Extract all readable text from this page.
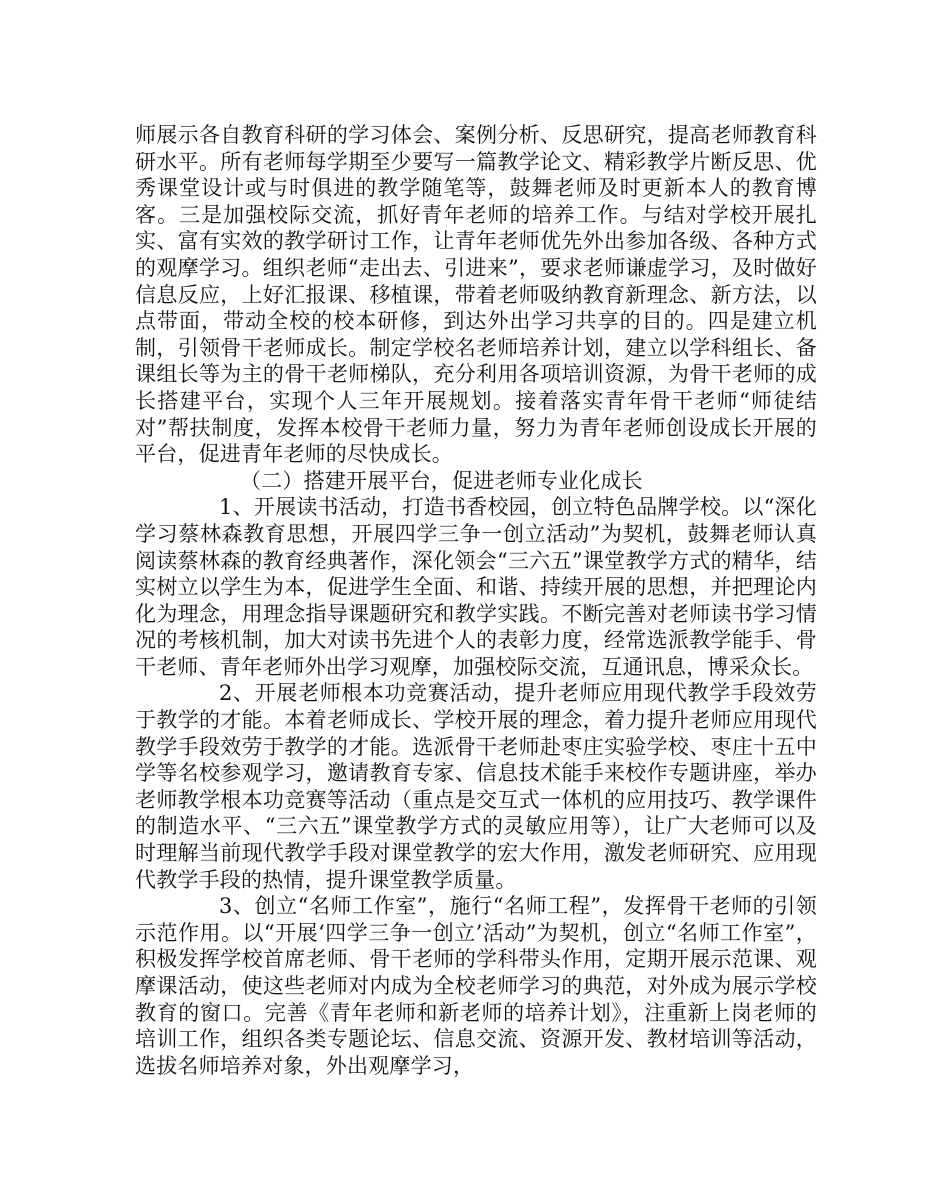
师展示各自教育科研的学习体会、案例分析、反思研究，提高老师教育科研水平。所有老师每学期至少要写一篇教学论文、精彩教学片断反思、优秀课堂设计或与时俱进的教学随笔等，鼓舞老师及时更新本人的教育博客。三是加强校际交流，抓好青年老师的培养工作。与结对学校开展扎实、富有实效的教学研讨工作，让青年老师优先外出参加各级、各种方式的观摩学习。组织老师“走出去、引进来”，要求老师谦虚学习，及时做好信息反应，上好汇报课、移植课，带着老师吸纳教育新理念、新方法，以点带面，带动全校的校本研修，到达外出学习共享的目的。四是建立机制，引领骨干老师成长。制定学校名老师培养计划，建立以学科组长、备课组长等为主的骨干老师梯队，充分利用各项培训资源，为骨干老师的成长搭建平台，实现个人三年开展规划。接着落实青年骨干老师“师徒结对”帮扶制度，发挥本校骨干老师力量，努力为青年老师创设成长开展的平台，促进青年老师的尽快成长。

（二）搭建开展平台，促进老师专业化成长

1、开展读书活动，打造书香校园，创立特色品牌学校。以“深化学习蔡林森教育思想，开展四学三争一创立活动”为契机，鼓舞老师认真阅读蔡林森的教育经典著作，深化领会“三六五”课堂教学方式的精华，结实树立以学生为本，促进学生全面、和谐、持续开展的思想，并把理论内化为理念，用理念指导课题研究和教学实践。不断完善对老师读书学习情况的考核机制，加大对读书先进个人的表彰力度，经常选派教学能手、骨干老师、青年老师外出学习观摩，加强校际交流，互通讯息，博采众长。

2、开展老师根本功竞赛活动，提升老师应用现代教学手段效劳于教学的才能。本着老师成长、学校开展的理念，着力提升老师应用现代教学手段效劳于教学的才能。选派骨干老师赴枣庄实验学校、枣庄十五中学等名校参观学习，邀请教育专家、信息技术能手来校作专题讲座，举办老师教学根本功竞赛等活动（重点是交互式一体机的应用技巧、教学课件的制造水平、“三六五”课堂教学方式的灵敏应用等），让广大老师可以及时理解当前现代教学手段对课堂教学的宏大作用，激发老师研究、应用现代教学手段的热情，提升课堂教学质量。

3、创立“名师工作室”，施行“名师工程”，发挥骨干老师的引领示范作用。以“开展‘四学三争一创立’活动”为契机，创立“名师工作室”，积极发挥学校首席老师、骨干老师的学科带头作用，定期开展示范课、观摩课活动，使这些老师对内成为全校老师学习的典范，对外成为展示学校教育的窗口。完善《青年老师和新老师的培养计划》，注重新上岗老师的培训工作，组织各类专题论坛、信息交流、资源开发、教材培训等活动，选拔名师培养对象，外出观摩学习，
